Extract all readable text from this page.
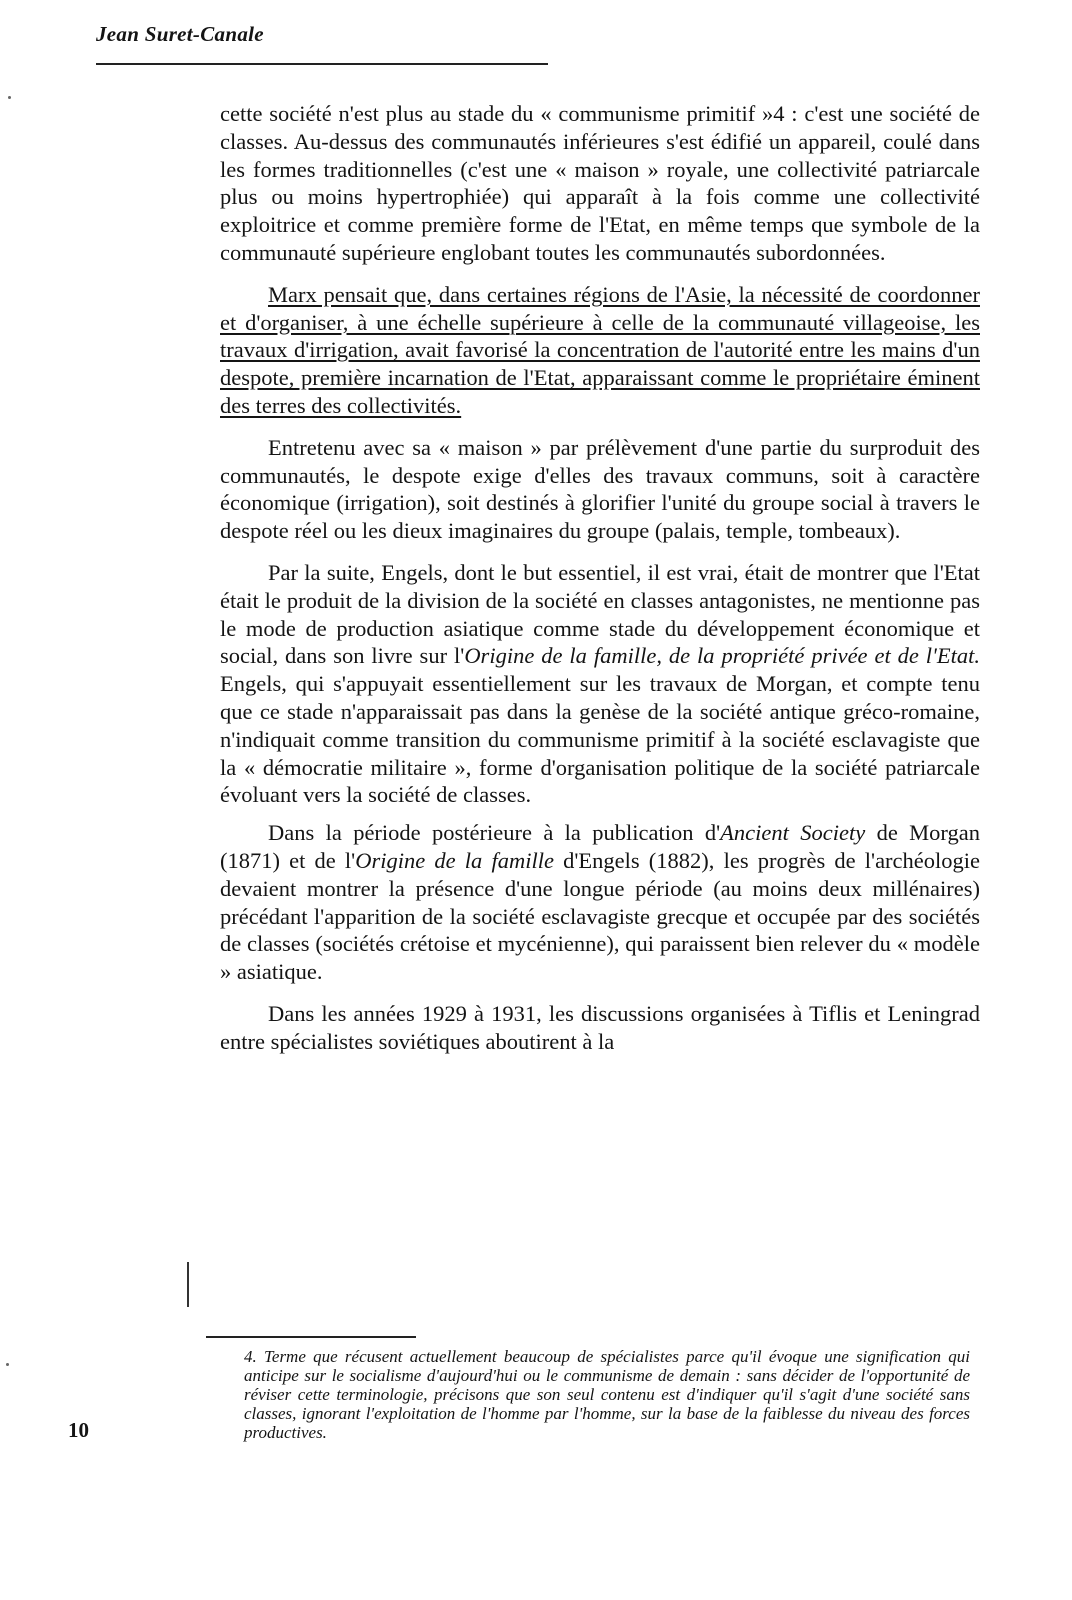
Jean Suret-Canale

cette société n'est plus au stade du « communisme primitif »4 : c'est une société de classes. Au-dessus des communautés inférieures s'est édifié un appareil, coulé dans les formes traditionnelles (c'est une « maison » royale, une collectivité patriarcale plus ou moins hypertrophiée) qui apparaît à la fois comme une collectivité exploitrice et comme première forme de l'Etat, en même temps que symbole de la communauté supérieure englobant toutes les communautés subordonnées.

Marx pensait que, dans certaines régions de l'Asie, la nécessité de coordonner et d'organiser, à une échelle supérieure à celle de la communauté villageoise, les travaux d'irrigation, avait favorisé la concentration de l'autorité entre les mains d'un despote, première incarnation de l'Etat, apparaissant comme le propriétaire éminent des terres des collectivités.

Entretenu avec sa « maison » par prélèvement d'une partie du surproduit des communautés, le despote exige d'elles des travaux communs, soit à caractère économique (irrigation), soit destinés à glorifier l'unité du groupe social à travers le despote réel ou les dieux imaginaires du groupe (palais, temple, tombeaux).

Par la suite, Engels, dont le but essentiel, il est vrai, était de montrer que l'Etat était le produit de la division de la société en classes antagonistes, ne mentionne pas le mode de production asiatique comme stade du développement économique et social, dans son livre sur l'Origine de la famille, de la propriété privée et de l'Etat. Engels, qui s'appuyait essentiellement sur les travaux de Morgan, et compte tenu que ce stade n'apparaissait pas dans la genèse de la société antique gréco-romaine, n'indiquait comme transition du communisme primitif à la société esclavagiste que la « démocratie militaire », forme d'organisation politique de la société patriarcale évoluant vers la société de classes.

Dans la période postérieure à la publication d'Ancient Society de Morgan (1871) et de l'Origine de la famille d'Engels (1882), les progrès de l'archéologie devaient montrer la présence d'une longue période (au moins deux millénaires) précédant l'apparition de la société esclavagiste grecque et occupée par des sociétés de classes (sociétés crétoise et mycénienne), qui paraissent bien relever du « modèle » asiatique.

Dans les années 1929 à 1931, les discussions organisées à Tiflis et Leningrad entre spécialistes soviétiques aboutirent à la

4. Terme que récusent actuellement beaucoup de spécialistes parce qu'il évoque une signification qui anticipe sur le socialisme d'aujourd'hui ou le communisme de demain : sans décider de l'opportunité de réviser cette terminologie, précisons que son seul contenu est d'indiquer qu'il s'agit d'une société sans classes, ignorant l'exploitation de l'homme par l'homme, sur la base de la faiblesse du niveau des forces productives.

10
